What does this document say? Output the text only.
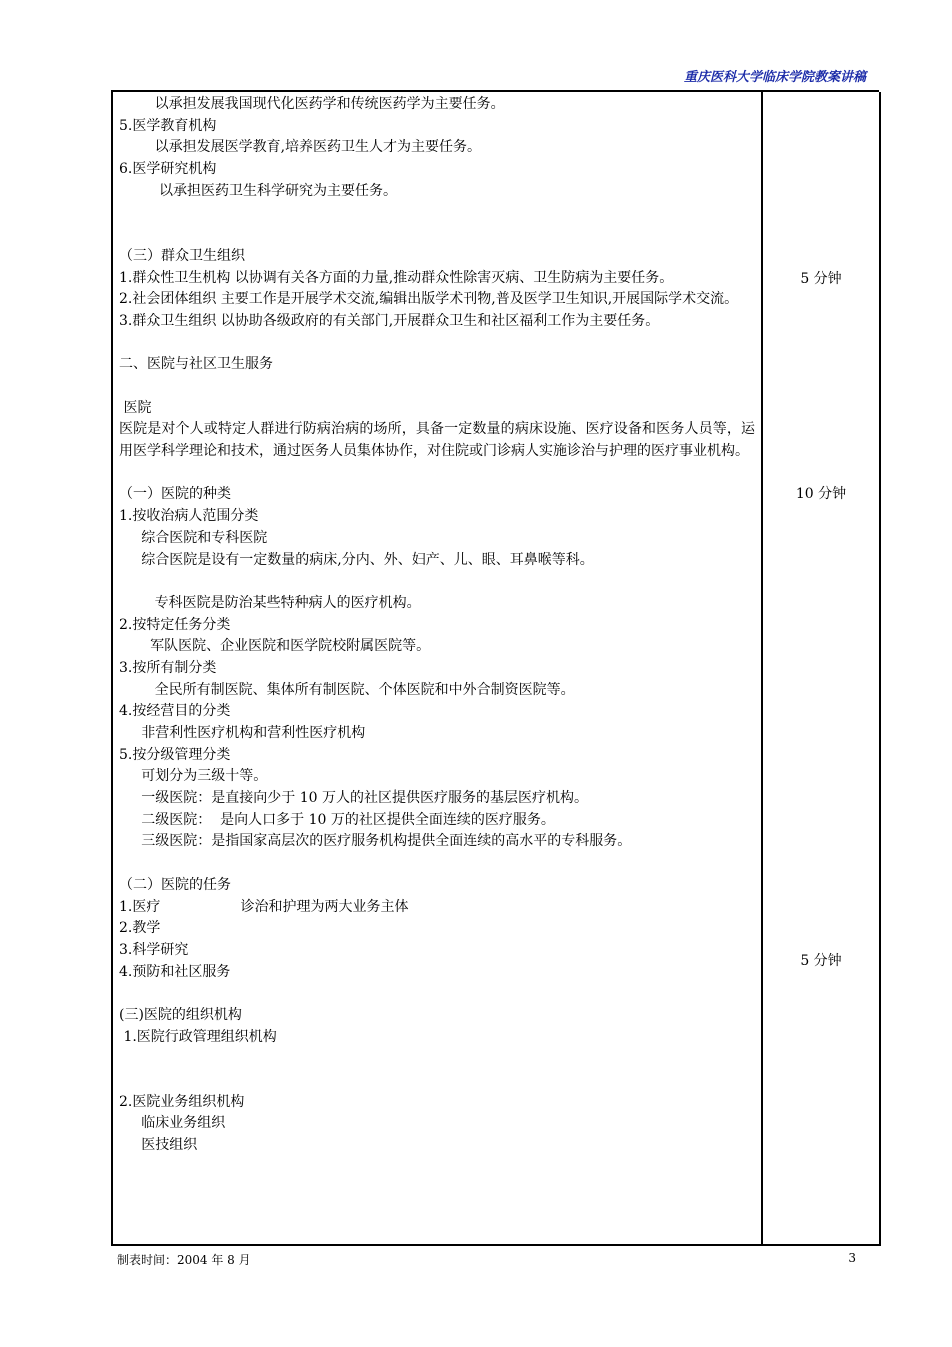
重庆医科大学临床学院教案讲稿
以承担发展我国现代化医药学和传统医药学为主要任务。
5.医学教育机构
以承担发展医学教育,培养医药卫生人才为主要任务。
6.医学研究机构
以承担医药卫生科学研究为主要任务。
（三）群众卫生组织
1.群众性卫生机构 以协调有关各方面的力量,推动群众性除害灭病、卫生防病为主要任务。
2.社会团体组织 主要工作是开展学术交流,编辑出版学术刊物,普及医学卫生知识,开展国际学术交流。
3.群众卫生组织 以协助各级政府的有关部门,开展群众卫生和社区福利工作为主要任务。
二、医院与社区卫生服务
医院
医院是对个人或特定人群进行防病治病的场所，具备一定数量的病床设施、医疗设备和医务人员等，运用医学科学理论和技术，通过医务人员集体协作，对住院或门诊病人实施诊治与护理的医疗事业机构。
（一）医院的种类
1.按收治病人范围分类
综合医院和专科医院
综合医院是设有一定数量的病床,分内、外、妇产、儿、眼、耳鼻喉等科。
专科医院是防治某些特种病人的医疗机构。
2.按特定任务分类
军队医院、企业医院和医学院校附属医院等。
3.按所有制分类
全民所有制医院、集体所有制医院、个体医院和中外合制资医院等。
4.按经营目的分类
非营利性医疗机构和营利性医疗机构
5.按分级管理分类
可划分为三级十等。
一级医院：是直接向少于 10 万人的社区提供医疗服务的基层医疗机构。
二级医院：  是向人口多于 10 万的社区提供全面连续的医疗服务。
三级医院：是指国家高层次的医疗服务机构提供全面连续的高水平的专科服务。
（二）医院的任务
1.医疗                  诊治和护理为两大业务主体
2.教学
3.科学研究
4.预防和社区服务
(三)医院的组织机构
1.医院行政管理组织机构
2.医院业务组织机构
临床业务组织
医技组织
5 分钟
10 分钟
5 分钟
制表时间：2004 年 8 月	3
